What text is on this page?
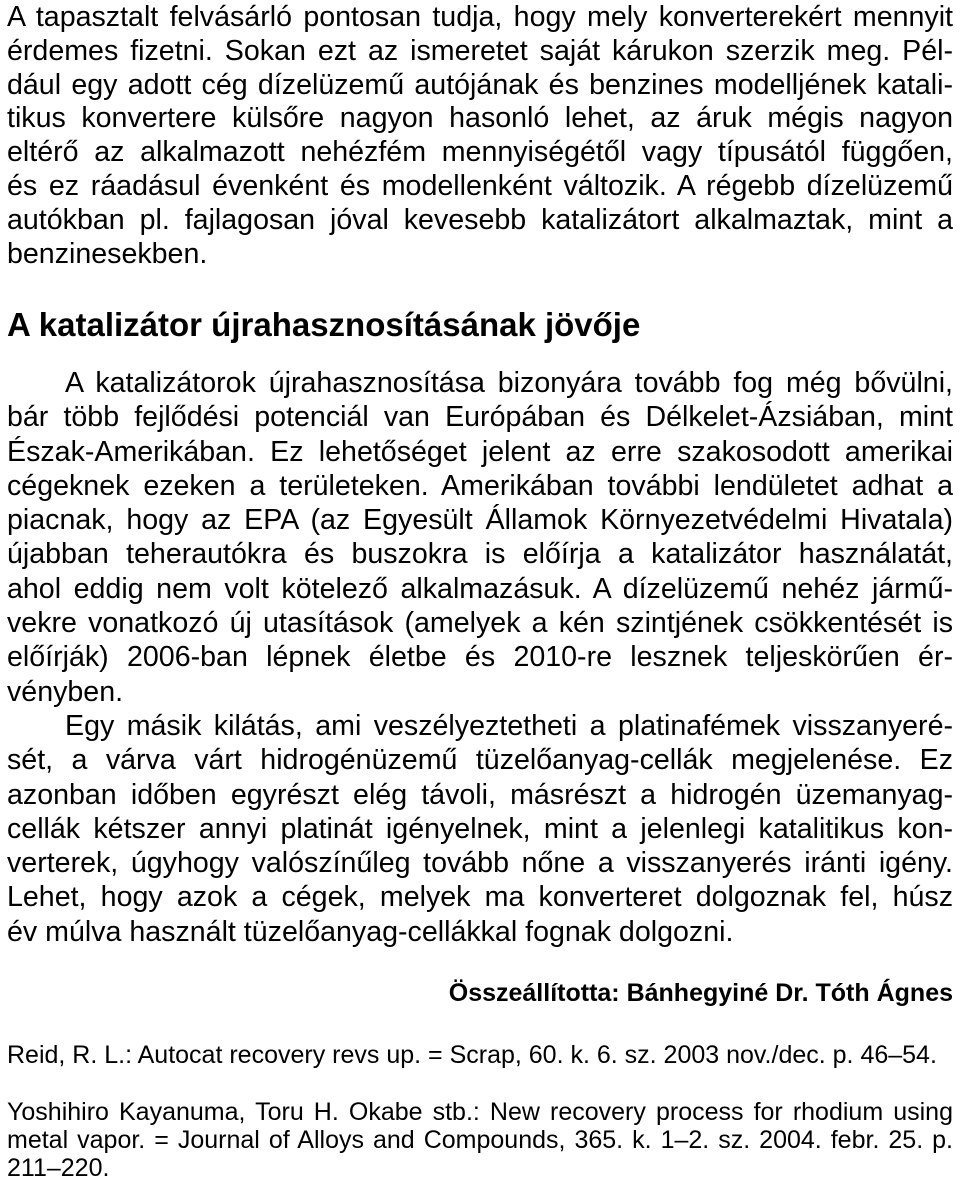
A tapasztalt felvásárló pontosan tudja, hogy mely konverterekért mennyit
érdemes fizetni. Sokan ezt az ismeretet saját kárukon szerzik meg. Pél-
dául egy adott cég dízelüzemű autójának és benzines modelljének katali-
tikus konvertere külsőre nagyon hasonló lehet, az áruk mégis nagyon
eltérő az alkalmazott nehézfém mennyiségétől vagy típusától függően,
és ez ráadásul évenként és modellenként változik. A régebb dízelüzemű
autókban pl. fajlagosan jóval kevesebb katalizátort alkalmaztak, mint a
benzinesekben.
A katalizátor újrahasznosításának jövője
A katalizátorok újrahasznosítása bizonyára tovább fog még bővülni,
bár több fejlődési potenciál van Európában és Délkelet-Ázsiában, mint
Észak-Amerikában. Ez lehetőséget jelent az erre szakosodott amerikai
cégeknek ezeken a területeken. Amerikában további lendületet adhat a
piacnak, hogy az EPA (az Egyesült Államok Környezetvédelmi Hivatala)
újabban teherautókra és buszokra is előírja a katalizátor használatát,
ahol eddig nem volt kötelező alkalmazásuk. A dízelüzemű nehéz jármű-
vekre vonatkozó új utasítások (amelyek a kén szintjének csökkentését is
előírják) 2006-ban lépnek életbe és 2010-re lesznek teljeskörűen ér-
vényben.
Egy másik kilátás, ami veszélyeztetheti a platinafémek visszanyeré-
sét, a várva várt hidrogénüzemű tüzelőanyag-cellák megjelenése. Ez
azonban időben egyrészt elég távoli, másrészt a hidrogén üzemanyag-
cellák kétszer annyi platinát igényelnek, mint a jelenlegi katalitikus kon-
verterek, úgyhogy valószínűleg tovább nőne a visszanyerés iránti igény.
Lehet, hogy azok a cégek, melyek ma konverteret dolgoznak fel, húsz
év múlva használt tüzelőanyag-cellákkal fognak dolgozni.
Összeállította: Bánhegyiné Dr. Tóth Ágnes
Reid, R. L.: Autocat recovery revs up. = Scrap, 60. k. 6. sz. 2003 nov./dec. p. 46–54.
Yoshihiro Kayanuma, Toru H. Okabe stb.: New recovery process for rhodium using
metal vapor. = Journal of Alloys and Compounds, 365. k. 1–2. sz. 2004. febr. 25. p.
211–220.
